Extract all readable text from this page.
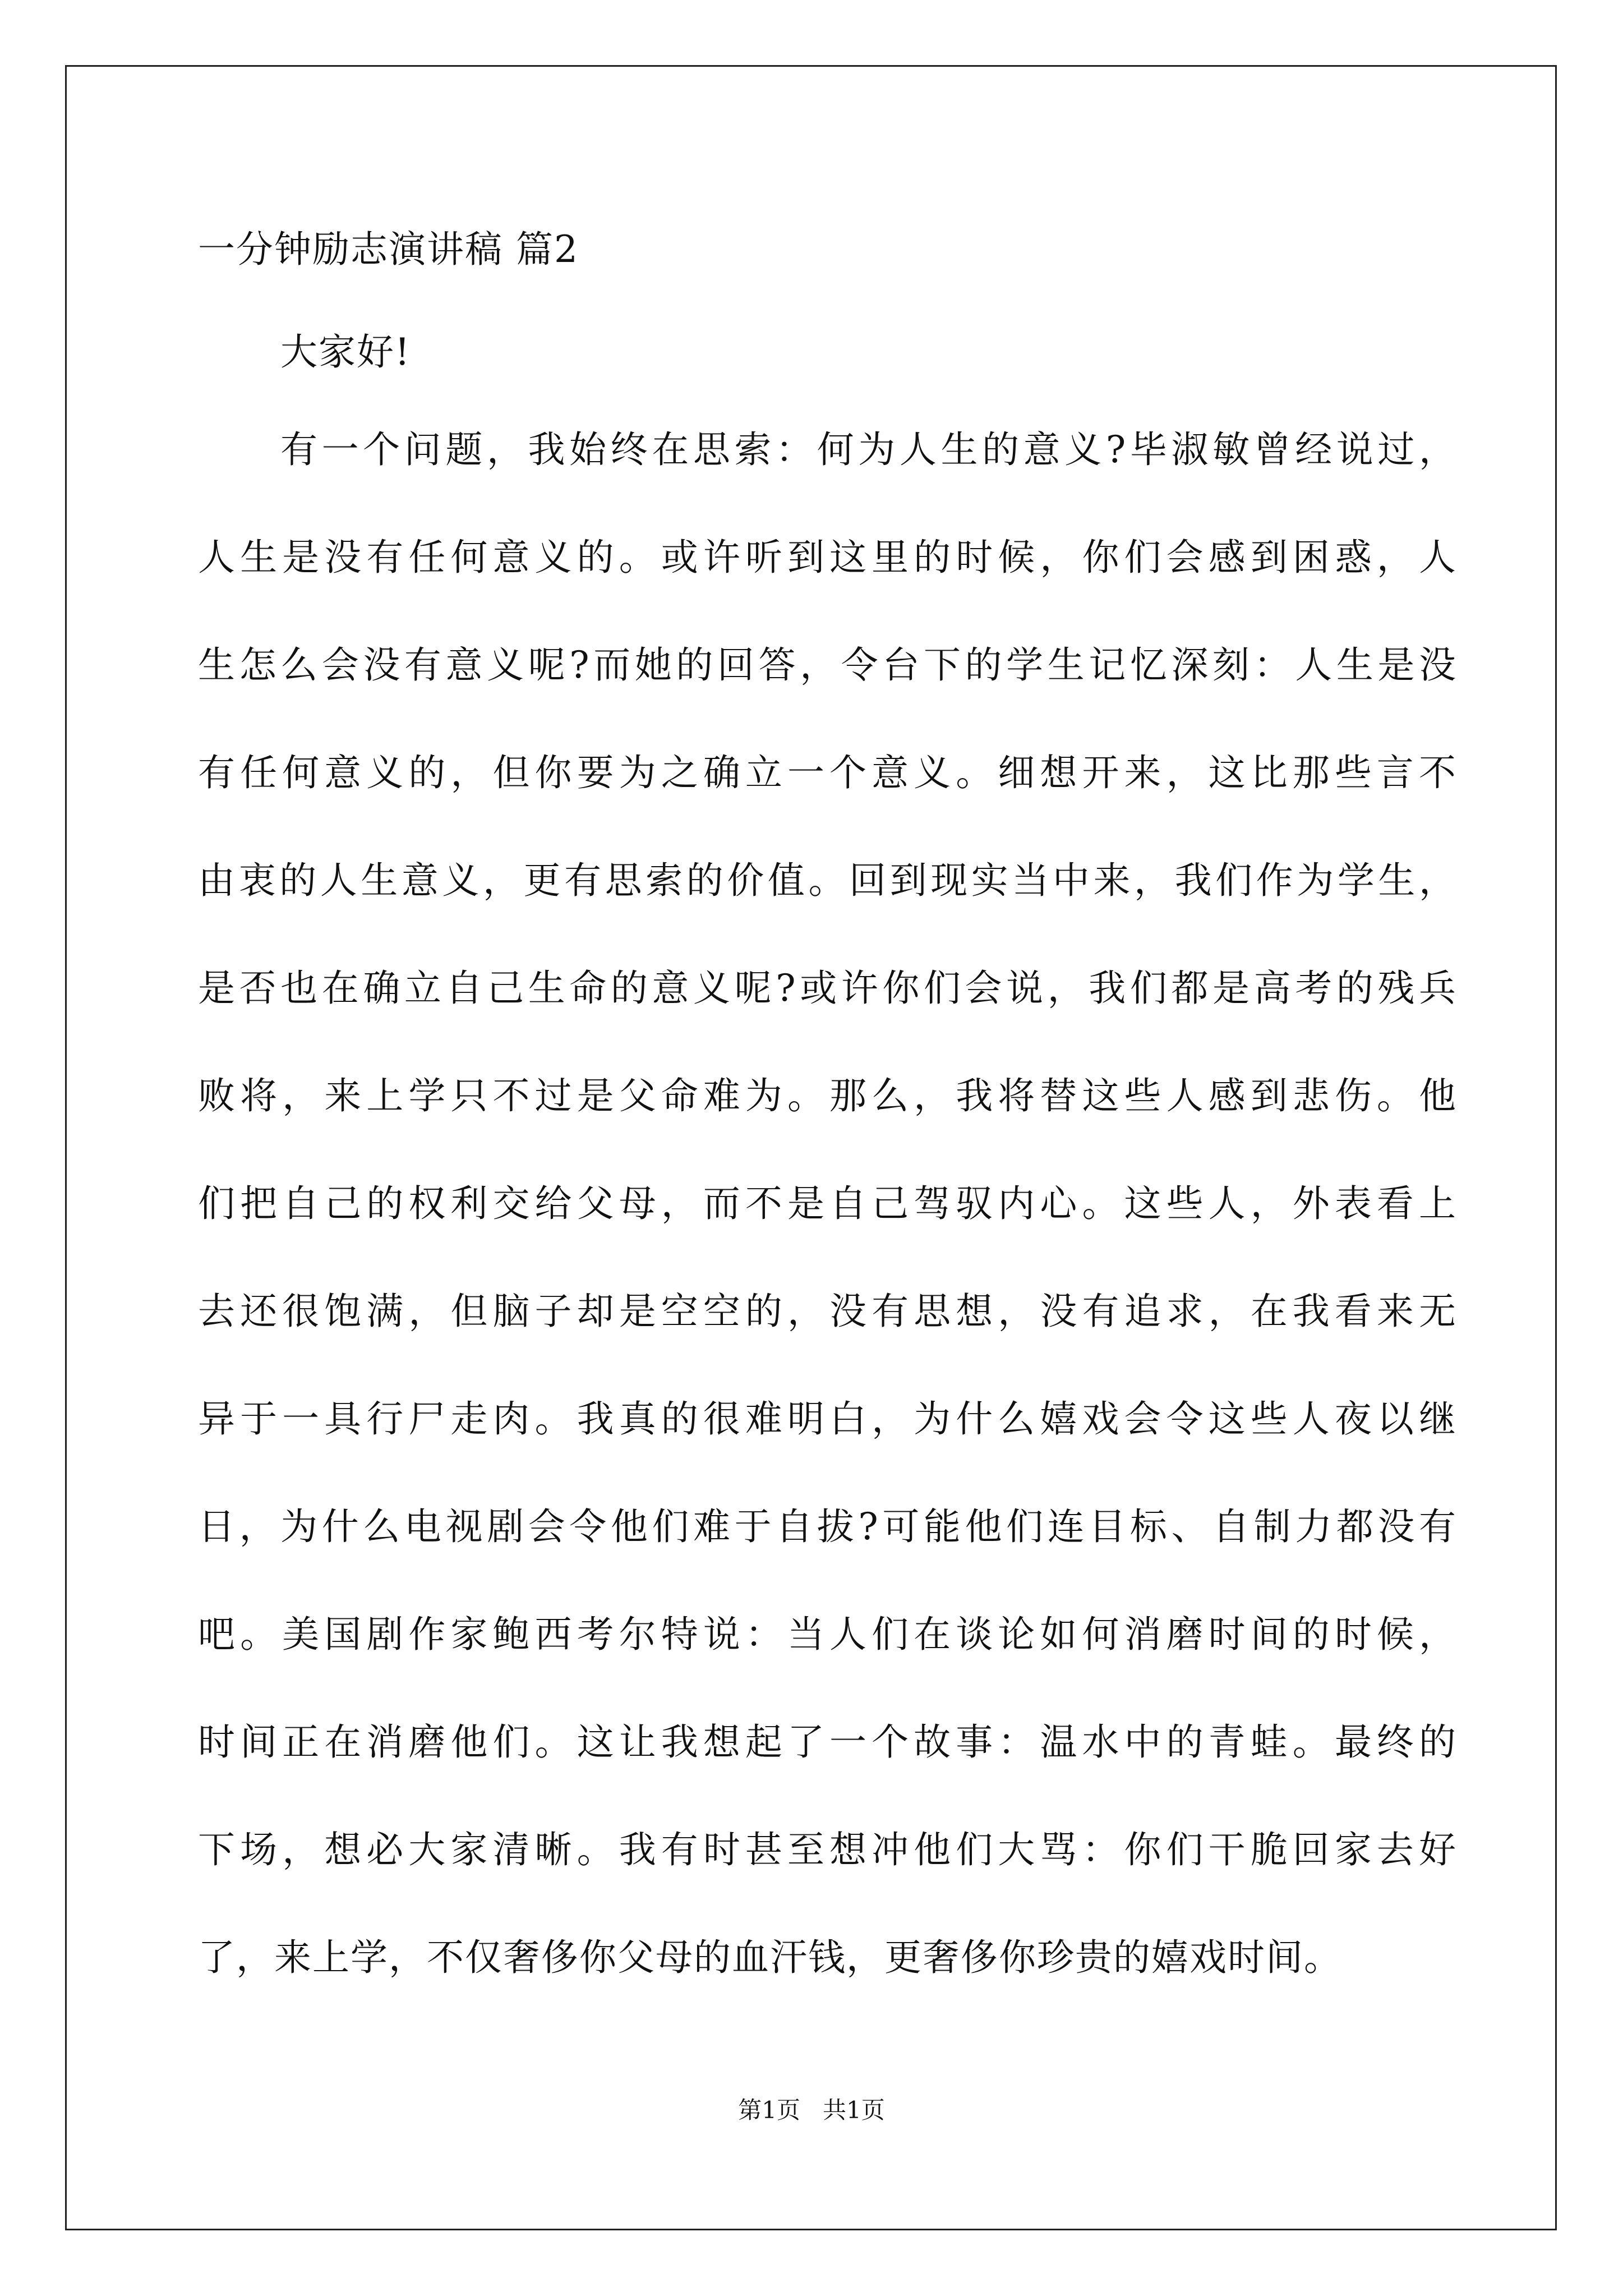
一分钟励志演讲稿 篇2
大家好!
有一个问题，我始终在思索：何为人生的意义?毕淑敏曾经说过，
人生是没有任何意义的。或许听到这里的时候，你们会感到困惑，人
生怎么会没有意义呢?而她的回答，令台下的学生记忆深刻：人生是没
有任何意义的，但你要为之确立一个意义。细想开来，这比那些言不
由衷的人生意义，更有思索的价值。回到现实当中来，我们作为学生，
是否也在确立自己生命的意义呢?或许你们会说，我们都是高考的残兵
败将，来上学只不过是父命难为。那么，我将替这些人感到悲伤。他
们把自己的权利交给父母，而不是自己驾驭内心。这些人，外表看上
去还很饱满，但脑子却是空空的，没有思想，没有追求，在我看来无
异于一具行尸走肉。我真的很难明白，为什么嬉戏会令这些人夜以继
日，为什么电视剧会令他们难于自拔?可能他们连目标、自制力都没有
吧。美国剧作家鲍西考尔特说：当人们在谈论如何消磨时间的时候，
时间正在消磨他们。这让我想起了一个故事：温水中的青蛙。最终的
下场，想必大家清晰。我有时甚至想冲他们大骂：你们干脆回家去好
了，来上学，不仅奢侈你父母的血汗钱，更奢侈你珍贵的嬉戏时间。
第1页   共1页
